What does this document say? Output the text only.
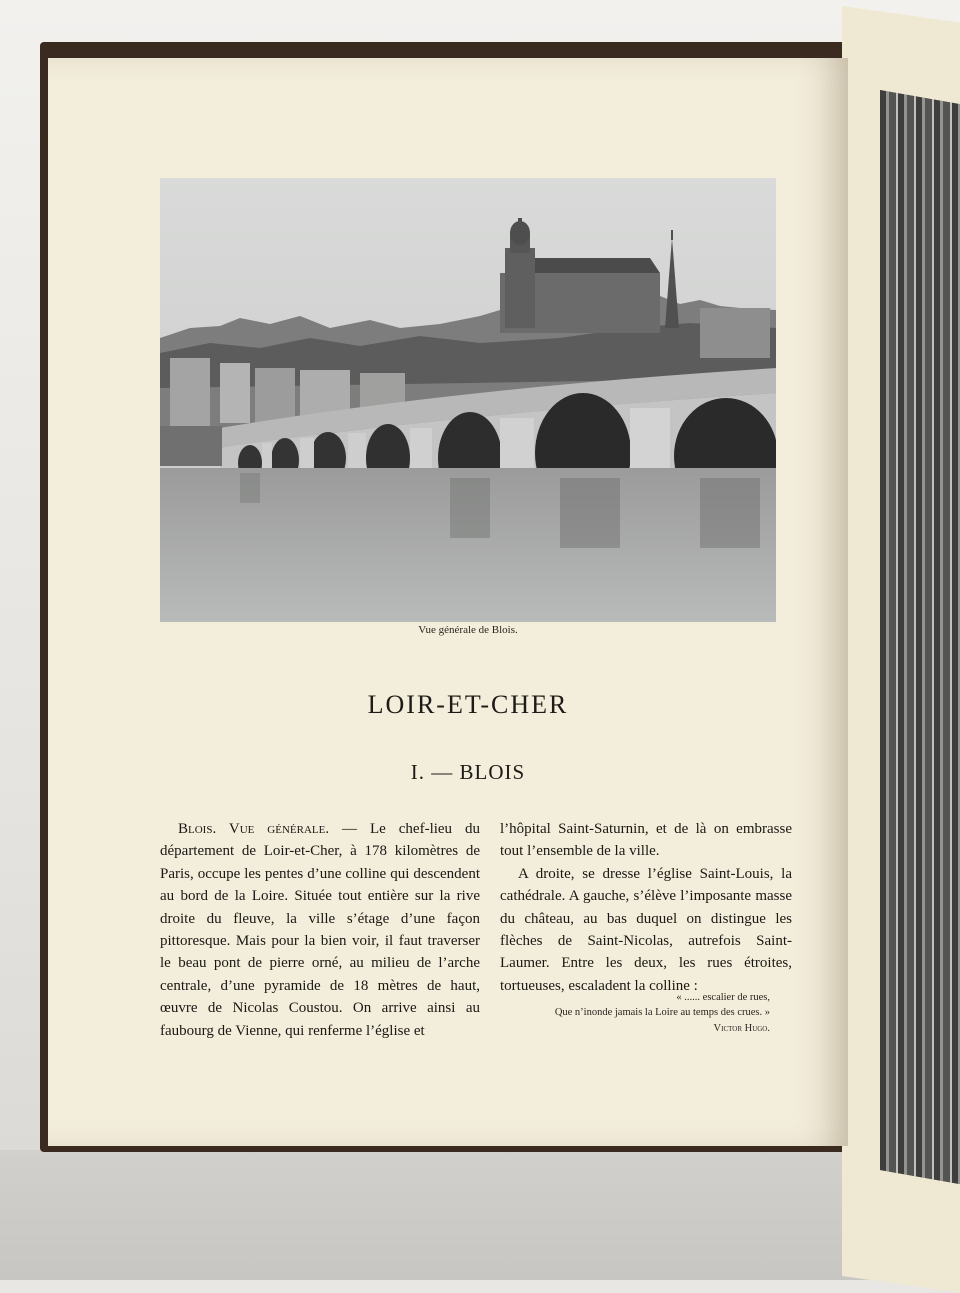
Vue générale de Blois.
LOIR-ET-CHER
I. — BLOIS

Blois. Vue générale. — Le chef-lieu du département de Loir-et-Cher, à 178 kilomètres de Paris, occupe les pentes d’une colline qui descendent au bord de la Loire. Située tout entière sur la rive droite du fleuve, la ville s’étage d’une façon pittoresque. Mais pour la bien voir, il faut traverser le beau pont de pierre orné, au milieu de l’arche centrale, d’une pyramide de 18 mètres de haut, œuvre de Nicolas Coustou. On arrive ainsi au faubourg de Vienne, qui renferme l’église et

l’hôpital Saint-Saturnin, et de là on embrasse tout l’ensemble de la ville.

A droite, se dresse l’église Saint-Louis, la cathédrale. A gauche, s’élève l’imposante masse du château, au bas duquel on distingue les flèches de Saint-Nicolas, autrefois Saint-Laumer. Entre les deux, les rues étroites, tortueuses, escaladent la colline :

« ...... escalier de rues,
Que n’inonde jamais la Loire au temps des crues. »
Victor Hugo.
